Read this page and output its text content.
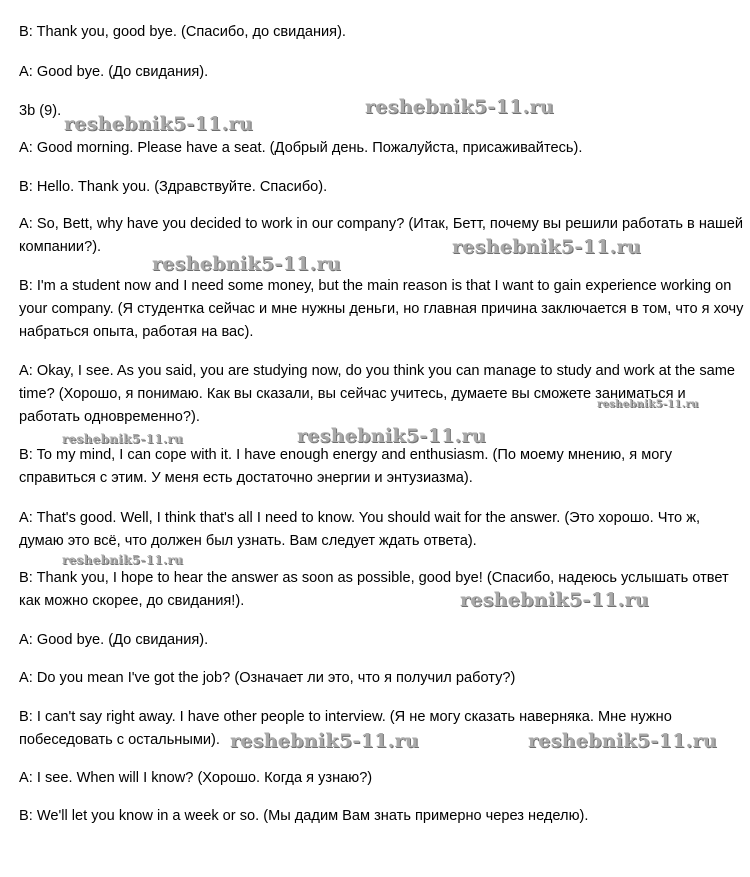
B: Thank you, good bye. (Спасибо, до свидания).

A: Good bye. (До свидания).

3b (9).

A: Good morning. Please have a seat. (Добрый день. Пожалуйста, присаживайтесь).

B: Hello. Thank you. (Здравствуйте. Спасибо).

A: So, Bett, why have you decided to work in our company? (Итак, Бетт, почему вы решили работать в нашей компании?).

B: I'm a student now and I need some money, but the main reason is that I want to gain experience working on your company. (Я студентка сейчас и мне нужны деньги, но главная причина заключается в том, что я хочу набраться опыта, работая на вас).

A: Okay, I see. As you said, you are studying now, do you think you can manage to study and work at the same time? (Хорошо, я понимаю. Как вы сказали, вы сейчас учитесь, думаете вы сможете заниматься и работать одновременно?).

B: To my mind, I can cope with it. I have enough energy and enthusiasm. (По моему мнению, я могу справиться с этим. У меня есть достаточно энергии и энтузиазма).

A: That's good. Well, I think that's all I need to know. You should wait for the answer. (Это хорошо. Что ж, думаю это всё, что должен был узнать. Вам следует ждать ответа).

B: Thank you, I hope to hear the answer as soon as possible, good bye! (Спасибо, надеюсь услышать ответ как можно скорее, до свидания!).

A: Good bye. (До свидания).

A: Do you mean I've got the job? (Означает ли это, что я получил работу?)

B: I can't say right away. I have other people to interview. (Я не могу сказать наверняка. Мне нужно побеседовать с остальными).

A: I see. When will I know? (Хорошо. Когда я узнаю?)

B: We'll let you know in a week or so. (Мы дадим Вам знать примерно через неделю).

reshebnik5-11.ru
reshebnik5-11.ru
reshebnik5-11.ru
reshebnik5-11.ru
reshebnik5-11.ru
reshebnik5-11.ru	reshebnik5-11.ru
reshebnik5-11.ru
reshebnik5-11.ru
reshebnik5-11.ru	reshebnik5-11.ru
